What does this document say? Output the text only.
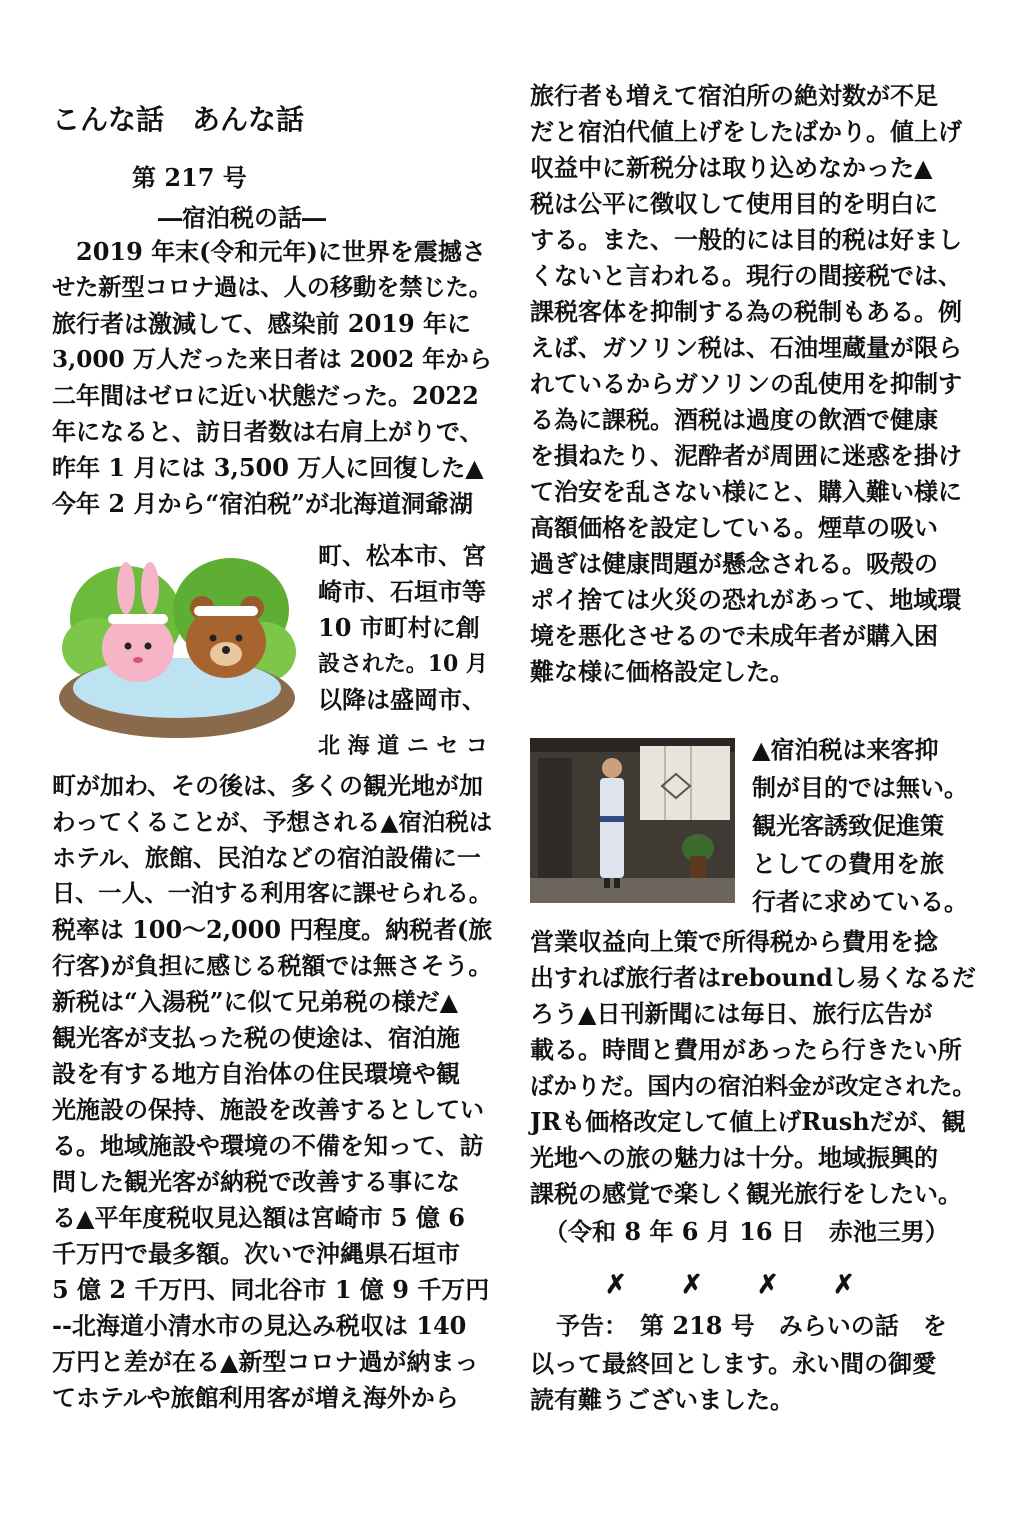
こんな話　あんな話
第 217 号
―宿泊税の話―
　2019 年末(令和元年)に世界を震撼さ
せた新型コロナ過は、人の移動を禁じた。
旅行者は激減して、感染前 2019 年に
3,000 万人だった来日者は 2002 年から
二年間はゼロに近い状態だった。2022
年になると、訪日者数は右肩上がりで、
昨年 1 月には 3,500 万人に回復した▲
今年 2 月から“宿泊税”が北海道洞爺湖
町、松本市、宮
崎市、石垣市等
10 市町村に創
設された。10 月
以降は盛岡市、
北 海 道 ニ セ コ
町が加わ、その後は、多くの観光地が加
わってくることが、予想される▲宿泊税は
ホテル、旅館、民泊などの宿泊設備に一
日、一人、一泊する利用客に課せられる。
税率は 100～2,000 円程度。納税者(旅
行客)が負担に感じる税額では無さそう。
新税は“入湯税”に似て兄弟税の様だ▲
観光客が支払った税の使途は、宿泊施
設を有する地方自治体の住民環境や観
光施設の保持、施設を改善するとしてい
る。地域施設や環境の不備を知って、訪
問した観光客が納税で改善する事にな
る▲平年度税収見込額は宮崎市 5 億 6
千万円で最多額。次いで沖縄県石垣市
5 億 2 千万円、同北谷市 1 億 9 千万円
--北海道小清水市の見込み税収は 140
万円と差が在る▲新型コロナ過が納まっ
てホテルや旅館利用客が増え海外から
旅行者も増えて宿泊所の絶対数が不足
だと宿泊代値上げをしたばかり。値上げ
収益中に新税分は取り込めなかった▲
税は公平に徴収して使用目的を明白に
する。また、一般的には目的税は好まし
くないと言われる。現行の間接税では、
課税客体を抑制する為の税制もある。例
えば、ガソリン税は、石油埋蔵量が限ら
れているからガソリンの乱使用を抑制す
る為に課税。酒税は過度の飲酒で健康
を損ねたり、泥酔者が周囲に迷惑を掛け
て治安を乱さない様にと、購入難い様に
高額価格を設定している。煙草の吸い
過ぎは健康問題が懸念される。吸殻の
ポイ捨ては火災の恐れがあって、地域環
境を悪化させるので未成年者が購入困
難な様に価格設定した。
▲宿泊税は来客抑
制が目的では無い。
観光客誘致促進策
としての費用を旅
行者に求めている。
営業収益向上策で所得税から費用を捻
出すれば旅行者はreboundし易くなるだ
ろう▲日刊新聞には毎日、旅行広告が
載る。時間と費用があったら行きたい所
ばかりだ。国内の宿泊料金が改定された。
JRも価格改定して値上げRushだが、観
光地への旅の魅力は十分。地域振興的
課税の感覚で楽しく観光旅行をしたい。
（令和 8 年 6 月 16 日　赤池三男）
✗ ✗ ✗ ✗
予告：　第 218 号　みらいの話　を
以って最終回とします。永い間の御愛
読有難うございました。
